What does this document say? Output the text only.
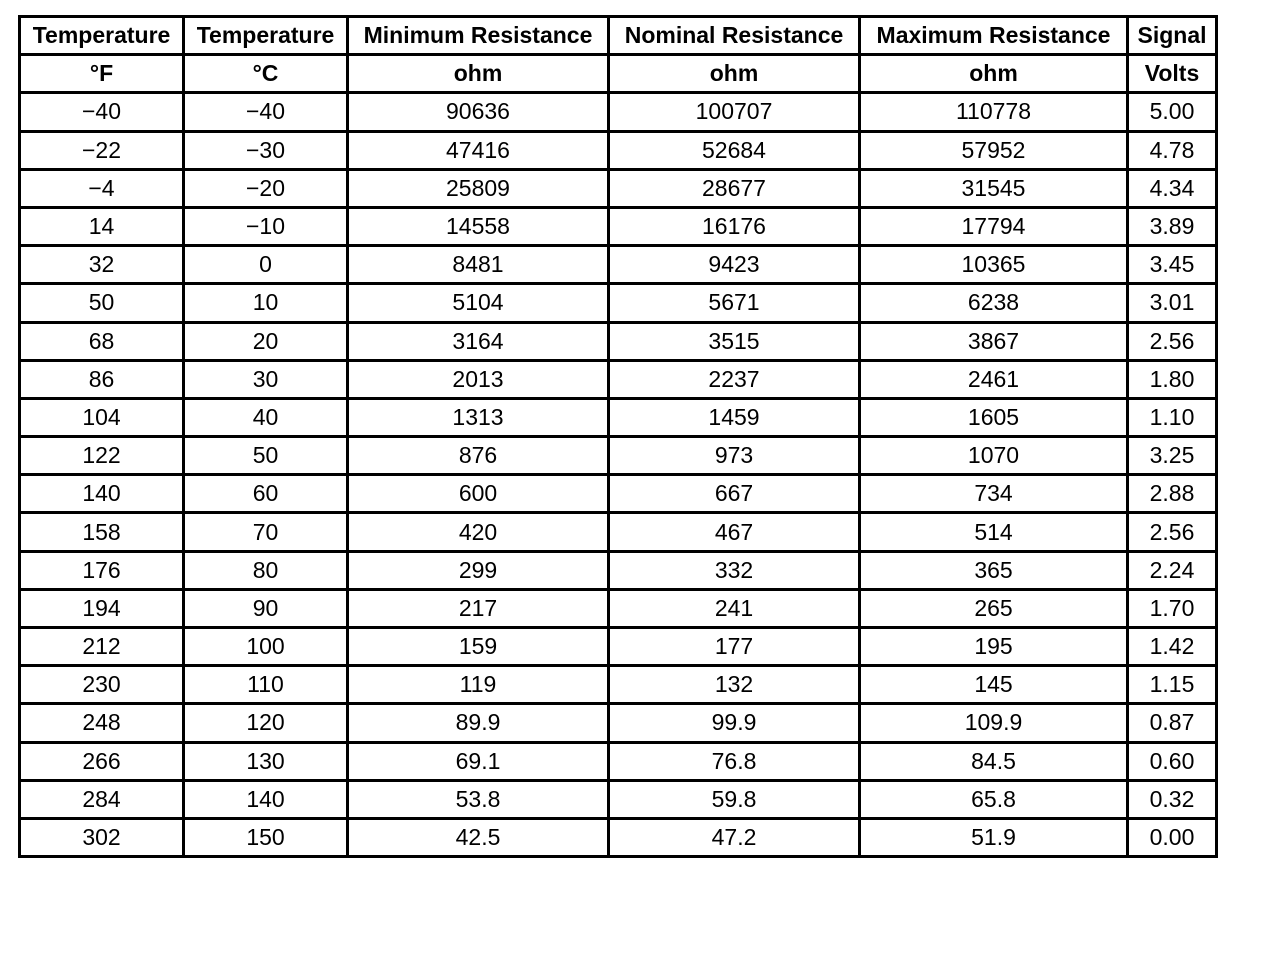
Temperature	Temperature	Minimum Resistance	Nominal Resistance	Maximum Resistance	Signal
°F	°C	ohm	ohm	ohm	Volts
−40	−40	90636	100707	110778	5.00
−22	−30	47416	52684	57952	4.78
−4	−20	25809	28677	31545	4.34
14	−10	14558	16176	17794	3.89
32	0	8481	9423	10365	3.45
50	10	5104	5671	6238	3.01
68	20	3164	3515	3867	2.56
86	30	2013	2237	2461	1.80
104	40	1313	1459	1605	1.10
122	50	876	973	1070	3.25
140	60	600	667	734	2.88
158	70	420	467	514	2.56
176	80	299	332	365	2.24
194	90	217	241	265	1.70
212	100	159	177	195	1.42
230	110	119	132	145	1.15
248	120	89.9	99.9	109.9	0.87
266	130	69.1	76.8	84.5	0.60
284	140	53.8	59.8	65.8	0.32
302	150	42.5	47.2	51.9	0.00
